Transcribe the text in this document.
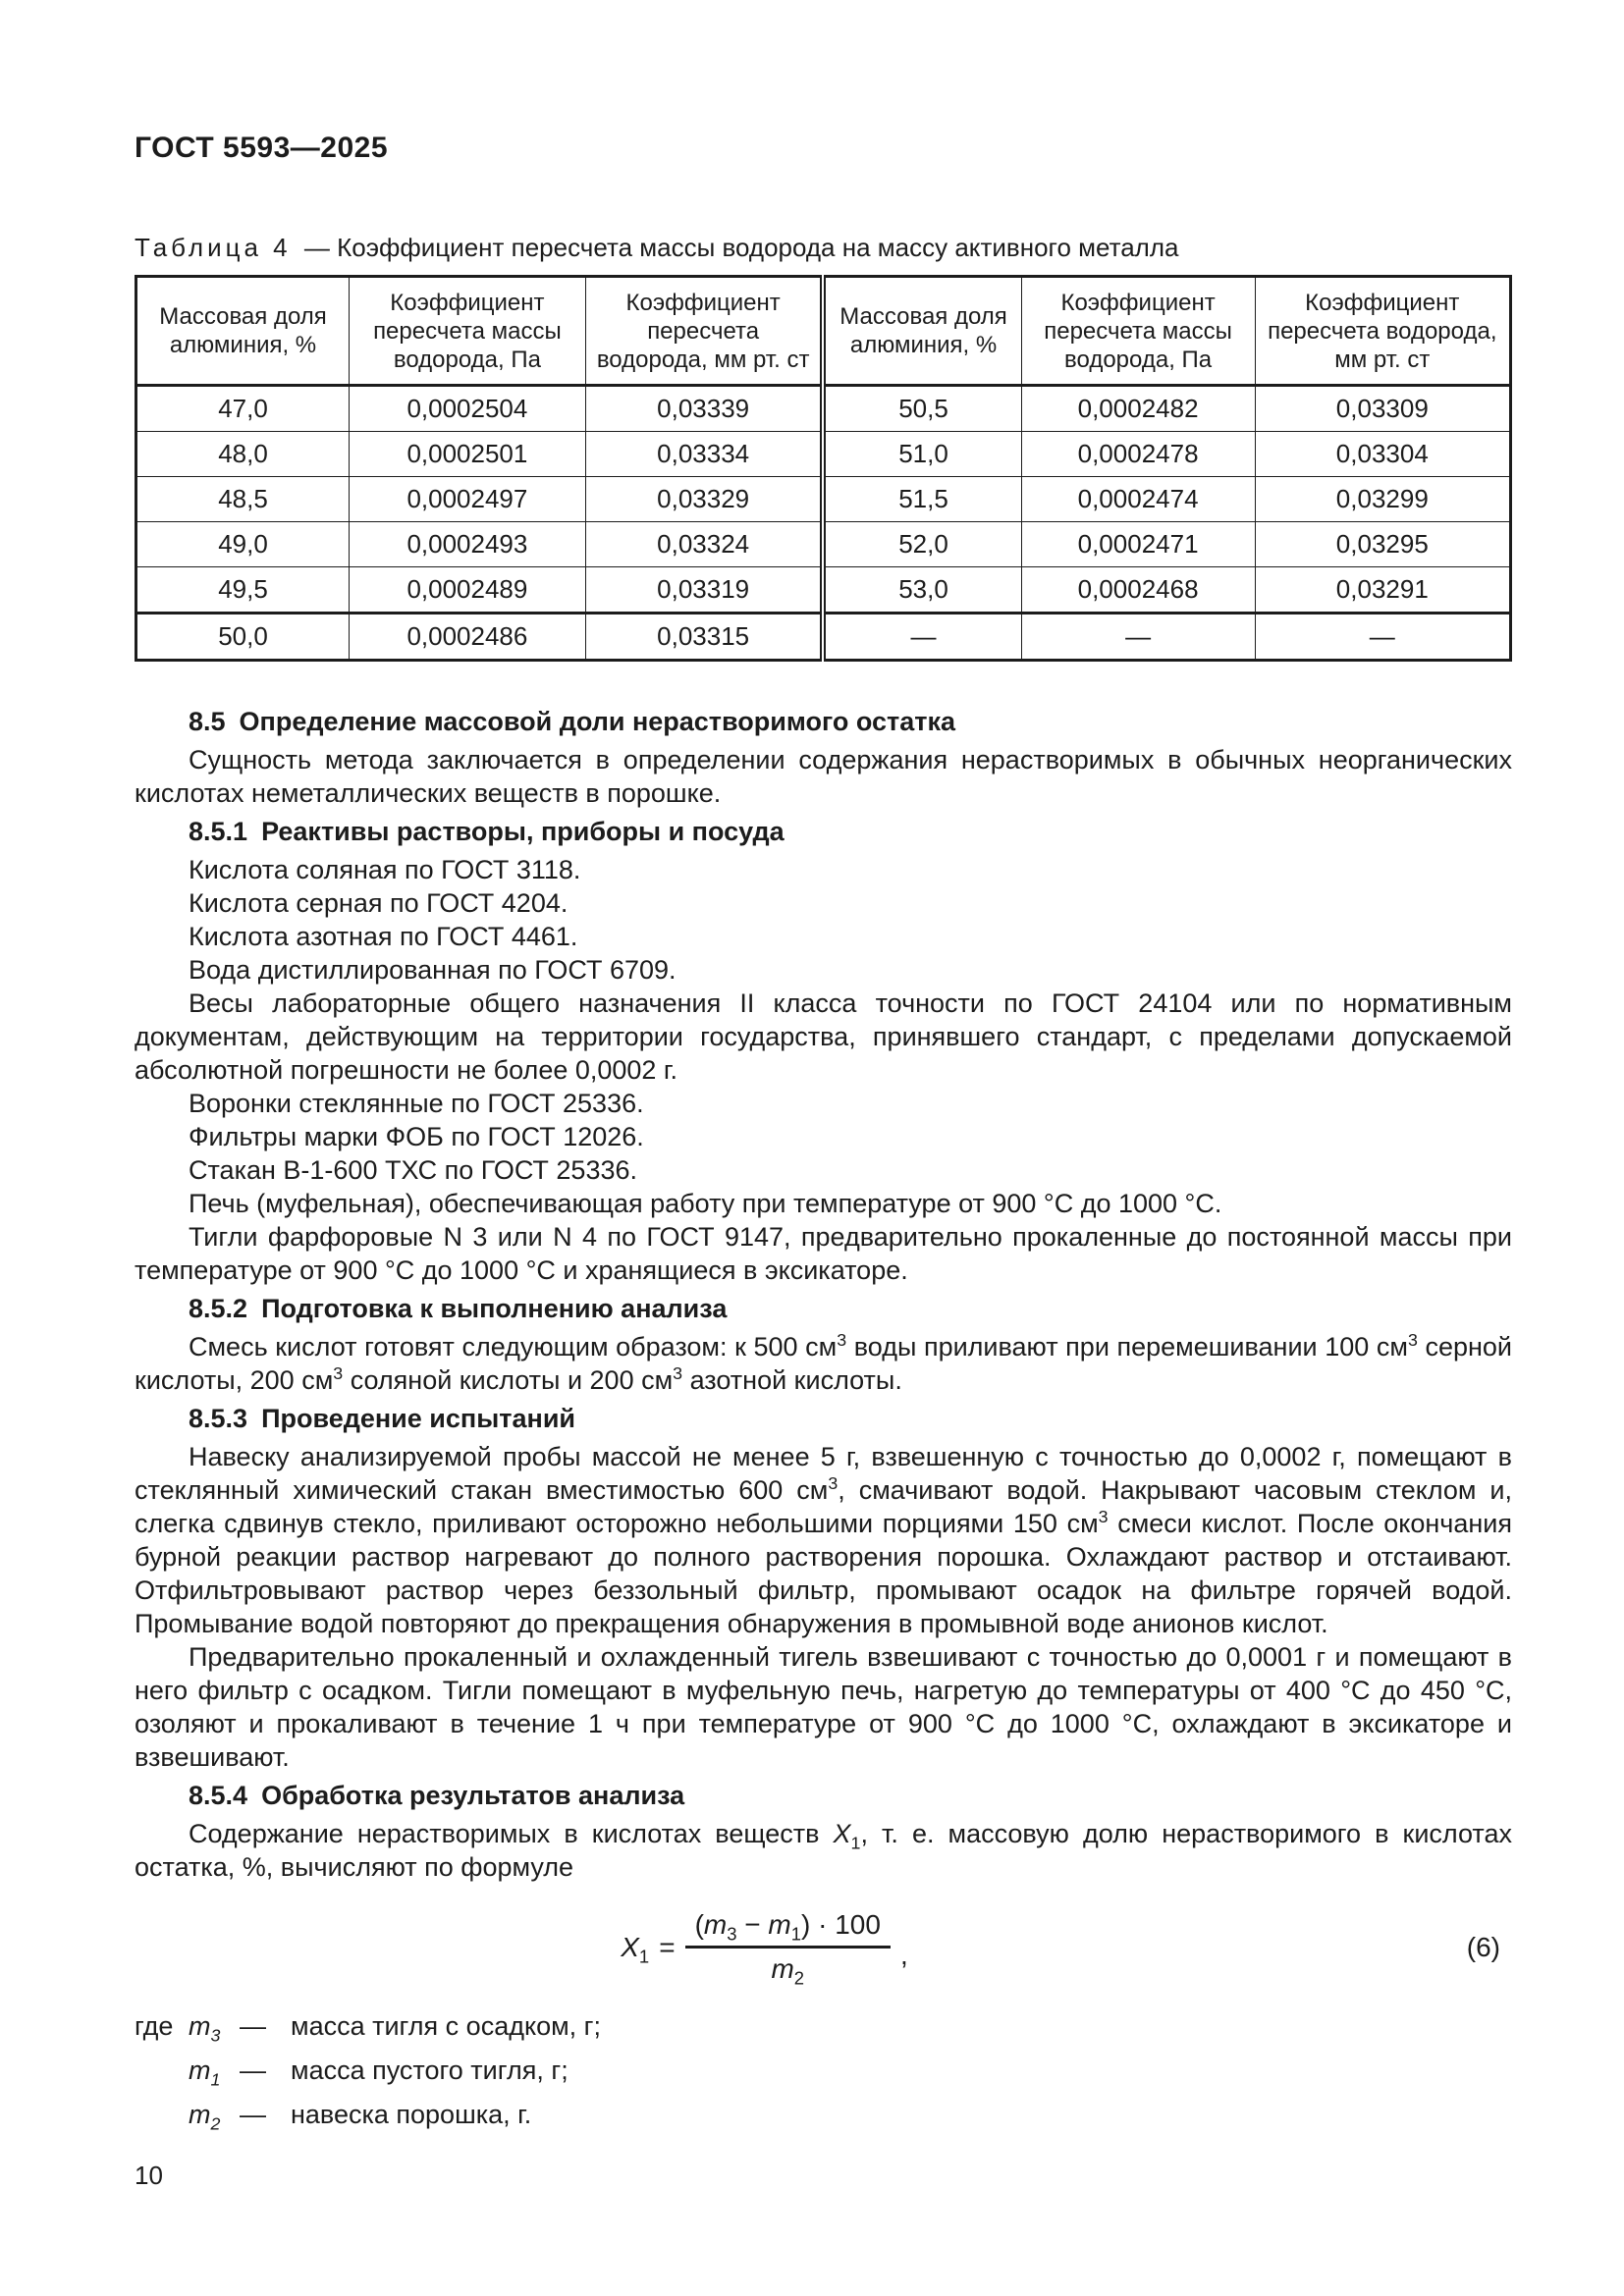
ГОСТ 5593—2025
Таблица 4 — Коэффициент пересчета массы водорода на массу активного металла
Массовая доля алюминия, %	Коэффициент пересчета массы водорода, Па	Коэффициент пересчета водорода, мм рт. ст	Массовая доля алюминия, %	Коэффициент пересчета массы водорода, Па	Коэффициент пересчета водорода, мм рт. ст
47,0	0,0002504	0,03339	50,5	0,0002482	0,03309
48,0	0,0002501	0,03334	51,0	0,0002478	0,03304
48,5	0,0002497	0,03329	51,5	0,0002474	0,03299
49,0	0,0002493	0,03324	52,0	0,0002471	0,03295
49,5	0,0002489	0,03319	53,0	0,0002468	0,03291
50,0	0,0002486	0,03315	—	—	—
8.5 Определение массовой доли нерастворимого остатка

Сущность метода заключается в определении содержания нерастворимых в обычных неорганических кислотах неметаллических веществ в порошке.

8.5.1 Реактивы растворы, приборы и посуда

Кислота соляная по ГОСТ 3118.

Кислота серная по ГОСТ 4204.

Кислота азотная по ГОСТ 4461.

Вода дистиллированная по ГОСТ 6709.

Весы лабораторные общего назначения II класса точности по ГОСТ 24104 или по нормативным документам, действующим на территории государства, принявшего стандарт, с пределами допускаемой абсолютной погрешности не более 0,0002 г.

Воронки стеклянные по ГОСТ 25336.

Фильтры марки ФОБ по ГОСТ 12026.

Стакан В-1-600 ТХС по ГОСТ 25336.

Печь (муфельная), обеспечивающая работу при температуре от 900 °С до 1000 °С.

Тигли фарфоровые N 3 или N 4 по ГОСТ 9147, предварительно прокаленные до постоянной массы при температуре от 900 °С до 1000 °С и хранящиеся в эксикаторе.

8.5.2 Подготовка к выполнению анализа

Смесь кислот готовят следующим образом: к 500 $см^3$ воды приливают при перемешивании 100 $см^3$ серной кислоты, 200 $см^3$ соляной кислоты и 200 $см^3$ азотной кислоты.

8.5.3 Проведение испытаний

Навеску анализируемой пробы массой не менее 5 г, взвешенную с точностью до 0,0002 г, помещают в стеклянный химический стакан вместимостью 600 $см^3$, смачивают водой. Накрывают часовым стеклом и, слегка сдвинув стекло, приливают осторожно небольшими порциями 150 $см^3$ смеси кислот. После окончания бурной реакции раствор нагревают до полного растворения порошка. Охлаждают раствор и отстаивают. Отфильтровывают раствор через беззольный фильтр, промывают осадок на фильтре горячей водой. Промывание водой повторяют до прекращения обнаружения в промывной воде анионов кислот.

Предварительно прокаленный и охлажденный тигель взвешивают с точностью до 0,0001 г и помещают в него фильтр с осадком. Тигли помещают в муфельную печь, нагретую до температуры от 400 °С до 450 °С, озоляют и прокаливают в течение 1 ч при температуре от 900 °С до 1000 °С, охлаждают в эксикаторе и взвешивают.

8.5.4 Обработка результатов анализа

Содержание нерастворимых в кислотах веществ $X_1$, т. е. массовую долю нерастворимого в кислотах остатка, %, вычисляют по формуле

$X_1 = \frac{(m_3 - m_1) \cdot 100}{m_2}$ ,	(6)
где $m_3$ — масса тигля с осадком, г;
$m_1$ — масса пустого тигля, г;
$m_2$ — навеска порошка, г.
10
